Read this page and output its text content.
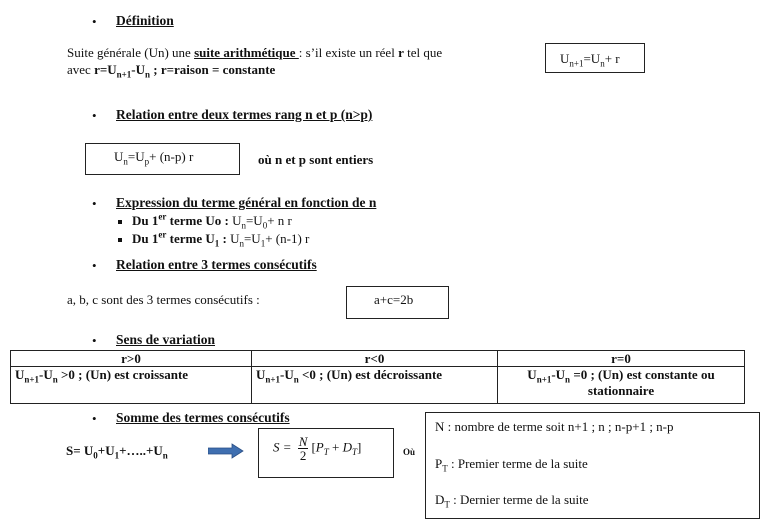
• Définition
Suite générale (Un) une suite arithmétique : s’il existe un réel r tel que	$U_{n+1}=U_n+ r$
avec $r=U_{n+1}-U_n$ ; r=raison = constante
• Relation entre deux termes rang n et p (n>p)
$U_n=U_p+ (n-p)$ r	où n et p sont entiers
• Expression du terme général en fonction de n
Du 1er terme Uo : $U_n=U_0+ n$ r
Du 1er terme $U_1$ : $U_n=U_1+ (n-1)$ r
• Relation entre 3 termes consécutifs
a, b, c sont des 3 termes consécutifs :	a+c=2b
• Sens de variation
r>0	r<0	r=0
$U_{n+1}-U_n >0$ ; (Un) est croissante	$U_{n+1}-U_n <0$ ; (Un) est décroissante	$U_{n+1}-U_n =0$ ; (Un) est constante ou stationnaire
• Somme des termes consécutifs
$S= U_0+U_1+\dots..+U_n$
$S = \frac{N}{2} [P_T + D_T]$	Où
N : nombre de terme soit n+1 ; n ; n-p+1 ; n-p
$P_T$ : Premier terme de la suite
$D_T$ : Dernier terme de la suite
